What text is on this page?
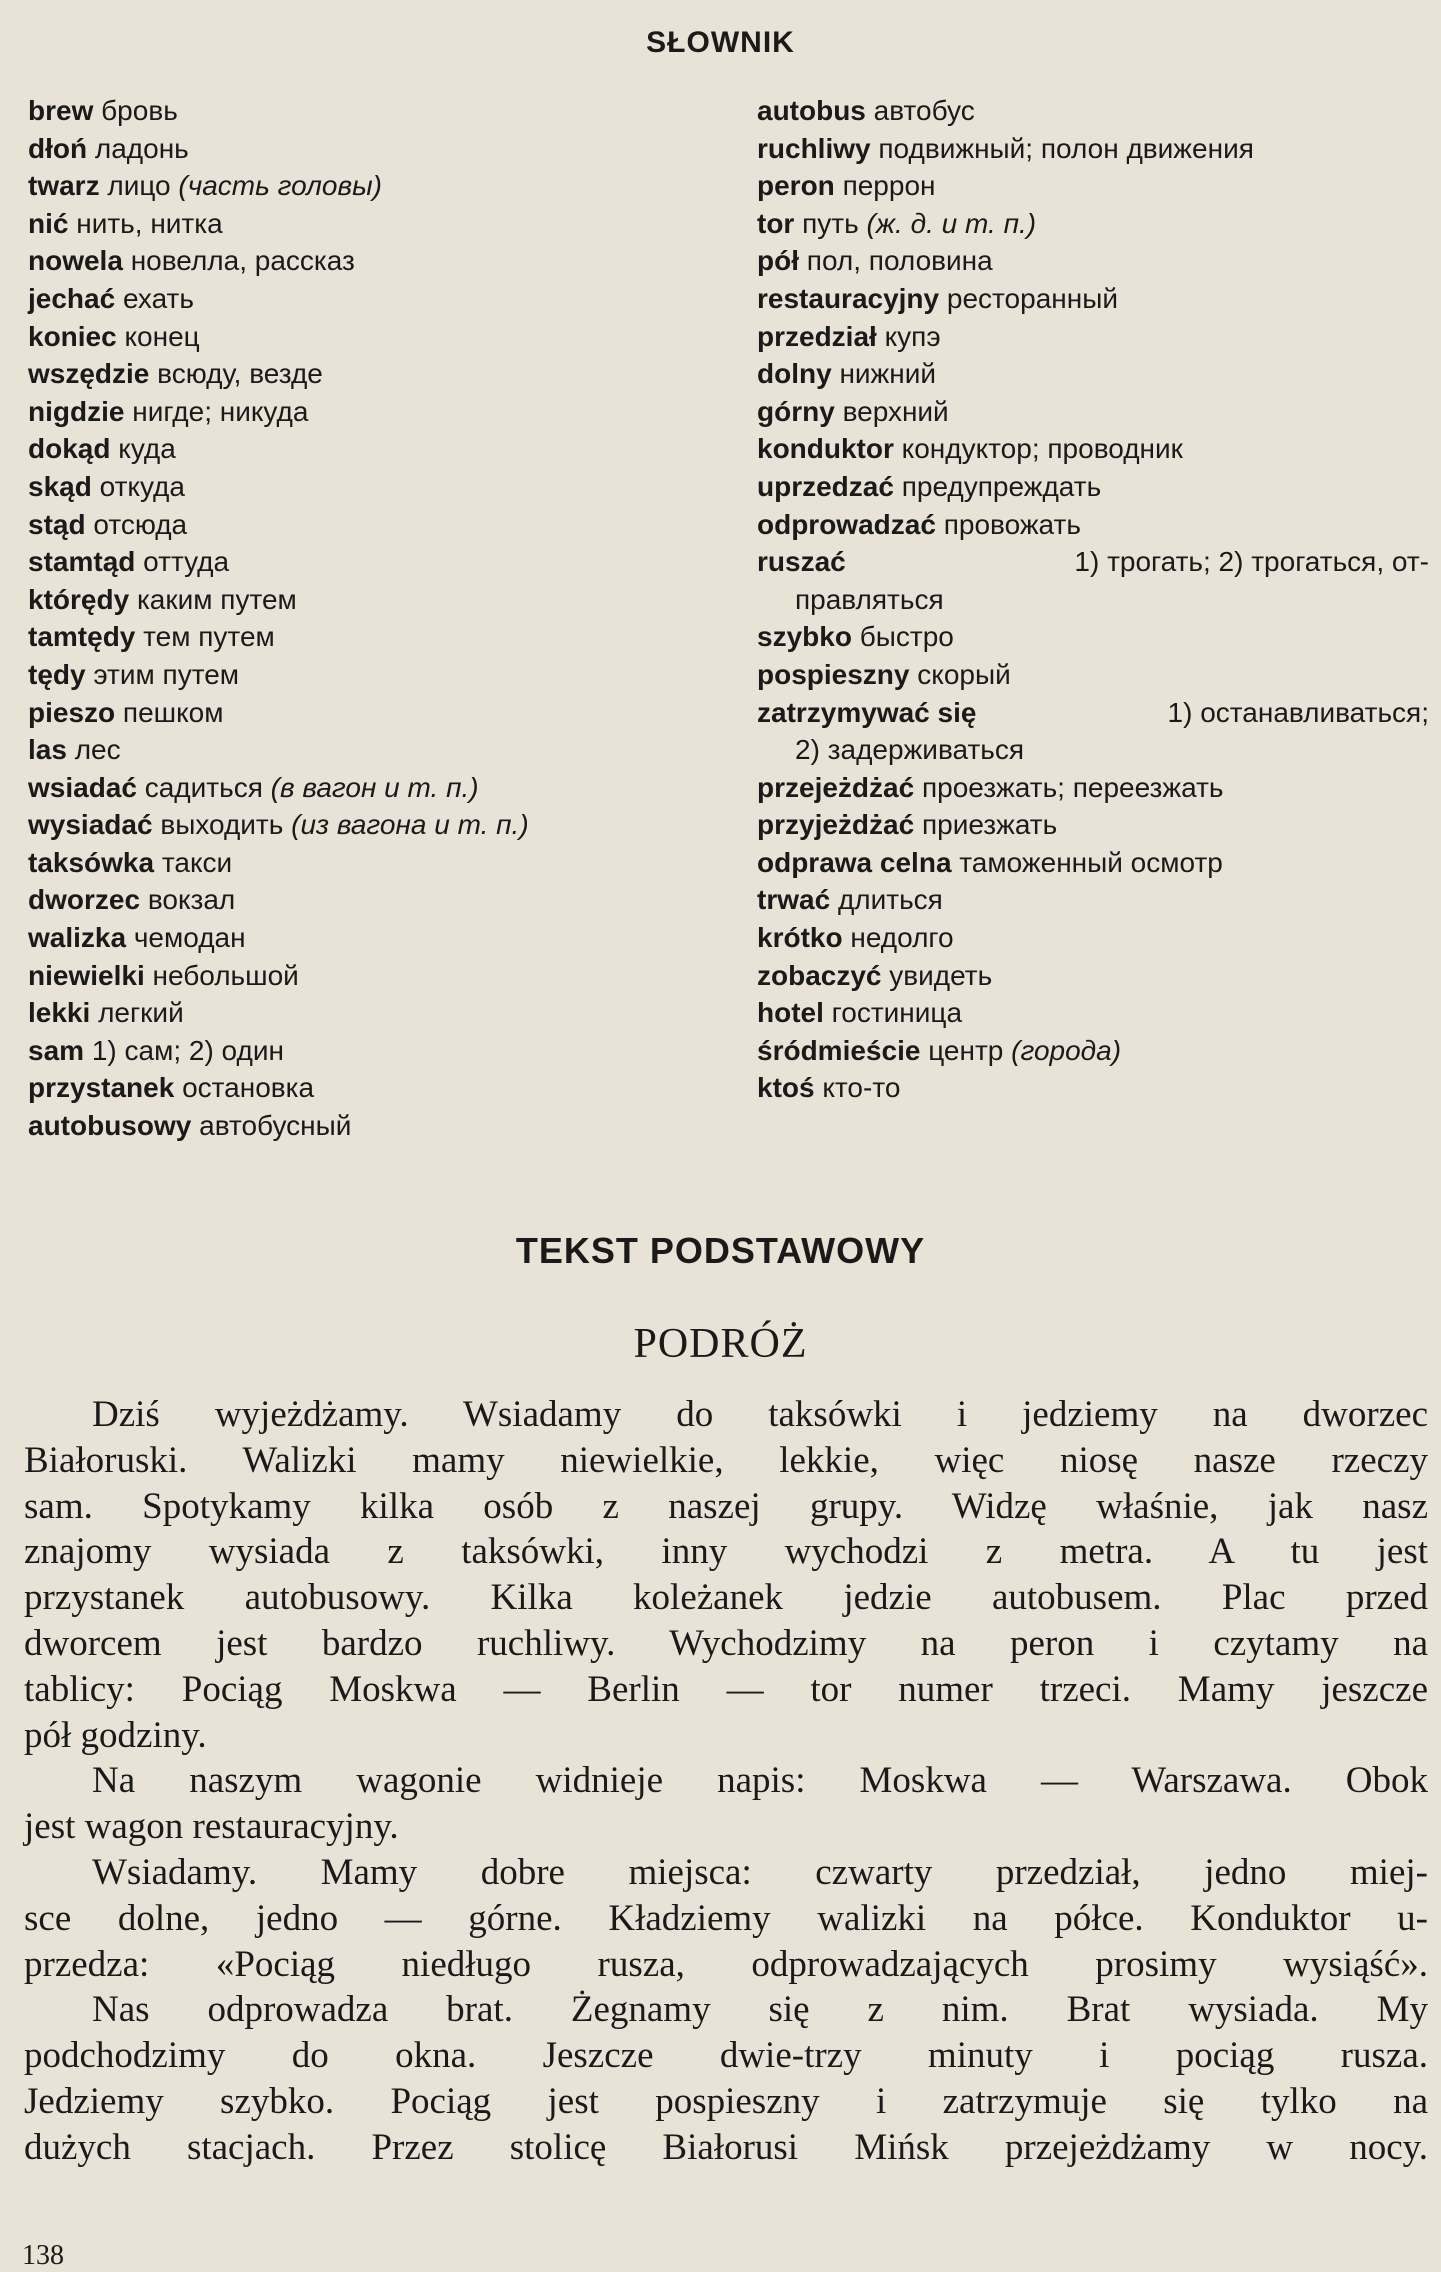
SŁOWNIK
brew бровь
dłoń ладонь
twarz лицо (часть головы)
nić нить, нитка
nowela новелла, рассказ
jechać ехать
koniec конец
wszędzie всюду, везде
nigdzie нигде; никуда
dokąd куда
skąd откуда
stąd отсюда
stamtąd оттуда
którędy каким путем
tamtędy тем путем
tędy этим путем
pieszo пешком
las лес
wsiadać садиться (в вагон и т. п.)
wysiadać выходить (из вагона и т. п.)
taksówka такси
dworzec вокзал
walizka чемодан
niewielki небольшой
lekki легкий
sam 1) сам; 2) один
przystanek остановка
autobusowy автобусный
autobus автобус
ruchliwy подвижный; полон движения
peron перрон
tor путь (ж. д. и т. п.)
pół пол, половина
restauracyjny ресторанный
przedział купэ
dolny нижний
górny верхний
konduktor кондуктор; проводник
uprzedzać предупреждать
odprowadzać провожать
ruszać	1) трогать; 2) трогаться, от-
правляться
szybko быстро
pospieszny скорый
zatrzymywać się	1) останавливаться;
2) задерживаться
przejeżdżać проезжать; переезжать
przyjeżdżać приезжать
odprawa celna таможенный осмотр
trwać длиться
krótko недолго
zobaczyć увидеть
hotel гостиница
śródmieście центр (города)
ktoś кто-то
TEKST PODSTAWOWY
PODRÓŻ
Dziś wyjeżdżamy. Wsiadamy do taksówki i jedziemy na dworzec
Białoruski. Walizki mamy niewielkie, lekkie, więc niosę nasze rzeczy
sam. Spotykamy kilka osób z naszej grupy. Widzę właśnie, jak nasz
znajomy wysiada z taksówki, inny wychodzi z metra. A tu jest
przystanek autobusowy. Kilka koleżanek jedzie autobusem. Plac przed
dworcem jest bardzo ruchliwy. Wychodzimy na peron i czytamy na
tablicy: Pociąg Moskwa — Berlin — tor numer trzeci. Mamy jeszcze
pół godziny.
Na naszym wagonie widnieje napis: Moskwa — Warszawa. Obok
jest wagon restauracyjny.
Wsiadamy. Mamy dobre miejsca: czwarty przedział, jedno miej-
sce dolne, jedno — górne. Kładziemy walizki na półce. Konduktor u-
przedza: «Pociąg niedługo rusza, odprowadzających prosimy wysiąść».
Nas odprowadza brat. Żegnamy się z nim. Brat wysiada. My
podchodzimy do okna. Jeszcze dwie-trzy minuty i pociąg rusza.
Jedziemy szybko. Pociąg jest pospieszny i zatrzymuje się tylko na
dużych stacjach. Przez stolicę Białorusi Mińsk przejeżdżamy w nocy.
138
